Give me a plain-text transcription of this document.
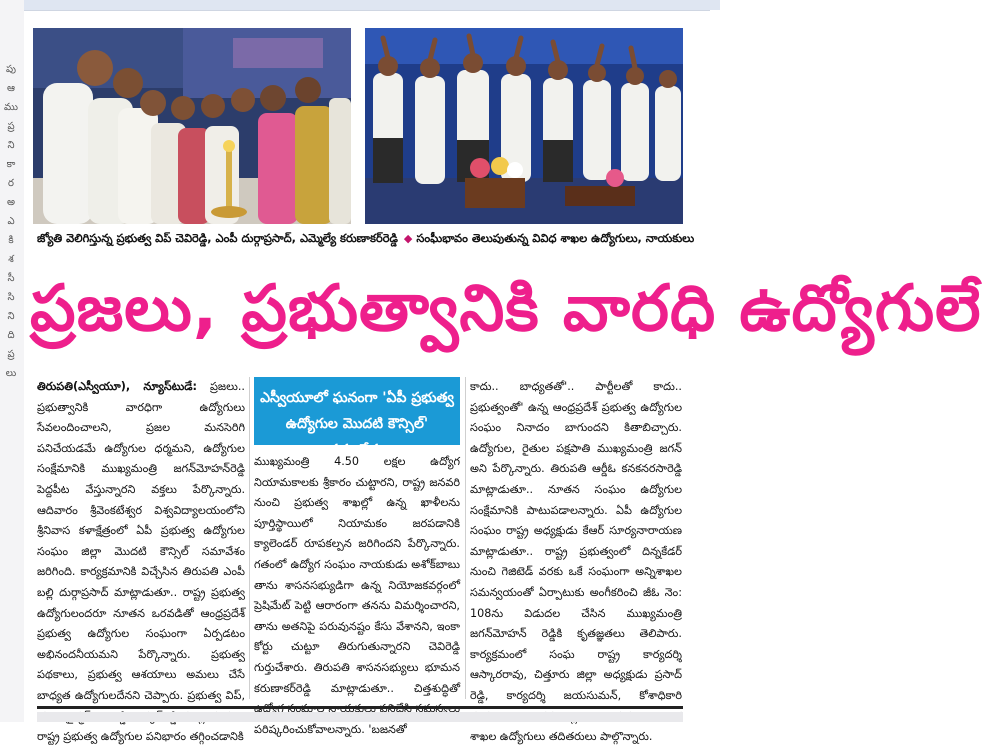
పు
ఆ
ము
ప్ర
ని
కా
ర
అ
ఎ
కి
శ
సీ
సి
ని
ది
ప్ర
లు
జ్యోతి వెలిగిస్తున్న ప్రభుత్వ విప్ చెవిరెడ్డి, ఎంపీ దుర్గాప్రసాద్, ఎమ్మెల్యే కరుణాకర్‌రెడ్డి ◆ సంఘీభావం తెలుపుతున్న వివిధ శాఖల ఉద్యోగులు, నాయకులు
ప్రజలు, ప్రభుత్వానికి వారధి ఉద్యోగులే
తిరుపతి(ఎస్వీయూ), న్యూస్‌టుడే: ప్రజలు.. ప్రభుత్వానికి వారధిగా ఉద్యోగులు సేవలందించాలని, ప్రజల మనసెరిగి పనిచేయడమే ఉద్యోగుల ధర్మమని, ఉద్యోగుల సంక్షేమానికి ముఖ్యమంత్రి జగన్‌మోహన్‌రెడ్డి పెద్దపీట వేస్తున్నారని వక్తలు పేర్కొన్నారు. ఆదివారం శ్రీవెంకటేశ్వర విశ్వవిద్యాలయంలోని శ్రీనివాస కళాక్షేత్రంలో ఏపీ ప్రభుత్వ ఉద్యోగుల సంఘం జిల్లా మొదటి కౌన్సిల్ సమావేశం జరిగింది. కార్యక్రమానికి విచ్చేసిన తిరుపతి ఎంపీ బల్లి దుర్గాప్రసాద్ మాట్లాడుతూ.. రాష్ట్ర ప్రభుత్వ ఉద్యోగులందరూ నూతన ఒరవడితో ఆంధ్రప్రదేశ్ ప్రభుత్వ ఉద్యోగుల సంఘంగా ఏర్పడటం అభినందనీయమని పేర్కొన్నారు. ప్రభుత్వ పథకాలు, ప్రభుత్వ ఆశయాలు అమలు చేసే బాధ్యత ఉద్యోగులదేనని చెప్పారు. ప్రభుత్వ విప్, రాష్ట్ర ప్రభుత్వ ఉద్యోగుల పనిభారం తగ్గించడానికి
ఎస్వీయూలో ఘనంగా 'ఏపీ ప్రభుత్వ ఉద్యోగుల మొదటి కౌన్సిల్' సమావేశం
ముఖ్యమంత్రి 4.50 లక్షల ఉద్యోగ నియామకాలకు శ్రీకారం చుట్టారని, రాష్ట్ర జనవరి నుంచి ప్రభుత్వ శాఖల్లో ఉన్న ఖాళీలను పూర్తిస్థాయిలో నియామకం జరపడానికి క్యాలెండర్ రూపకల్పన జరిగిందని పేర్కొన్నారు. గతంలో ఉద్యోగ సంఘం నాయకుడు అశోక్‌బాబు తాను శాసనసభ్యుడిగా ఉన్న నియోజకవర్గంలో ప్రెషిమేట్ పెట్టి ఆరారంగా తనను విమర్శించారని, తాను అతనిపై పరువునష్టం కేసు వేశానని, ఇంకా కోర్టు చుట్టూ తిరుగుతున్నారని చెవిరెడ్డి గుర్తుచేశారు. తిరుపతి శాసనసభ్యులు భూమన కరుణాకర్‌రెడ్డి మాట్లాడుతూ.. చిత్తశుద్ధితో పరిష్కరించుకోవాలన్నారు. 'బజనతో
కాదు.. బాధ్యతతో'.. పార్టీలతో కాదు.. ప్రభుత్వంతో' ఉన్న ఆంధ్రప్రదేశ్ ప్రభుత్వ ఉద్యోగుల సంఘం నినాదం బాగుందని కితాబిచ్చారు. ఉద్యోగుల, రైతుల పక్షపాతి ముఖ్యమంత్రి జగన్ అని పేర్కొన్నారు. తిరుపతి ఆర్డీఓ కనకనరసారెడ్డి మాట్లాడుతూ.. నూతన సంఘం ఉద్యోగుల సంక్షేమానికి పాటుపడాలన్నారు. ఏపీ ఉద్యోగుల సంఘం రాష్ట్ర అధ్యక్షుడు కేఆర్ సూర్యనారాయణ మాట్లాడుతూ.. రాష్ట్ర ప్రభుత్వంలో దిన్నకేడర్ నుంచి గెజిటెడ్ వరకు ఒకే సంఘంగా అన్నిశాఖల సమన్వయంతో ఏర్పాటుకు అంగీకరించి జీఓ నెం: 108ను విడుదల చేసిన ముఖ్యమంత్రి జగన్‌మోహన్ రెడ్డికి కృతజ్ఞతలు తెలిపారు. కార్యక్రమంలో సంఘ రాష్ట్ర కార్యదర్శి ఆస్కారరావు, చిత్తూరు జిల్లా అధ్యక్షుడు ప్రసాద్ రెడ్డి, కార్యదర్శి జయసుమన్, కోశాధికారి శాఖల ఉద్యోగులు తదితరులు పాల్గొన్నారు.
